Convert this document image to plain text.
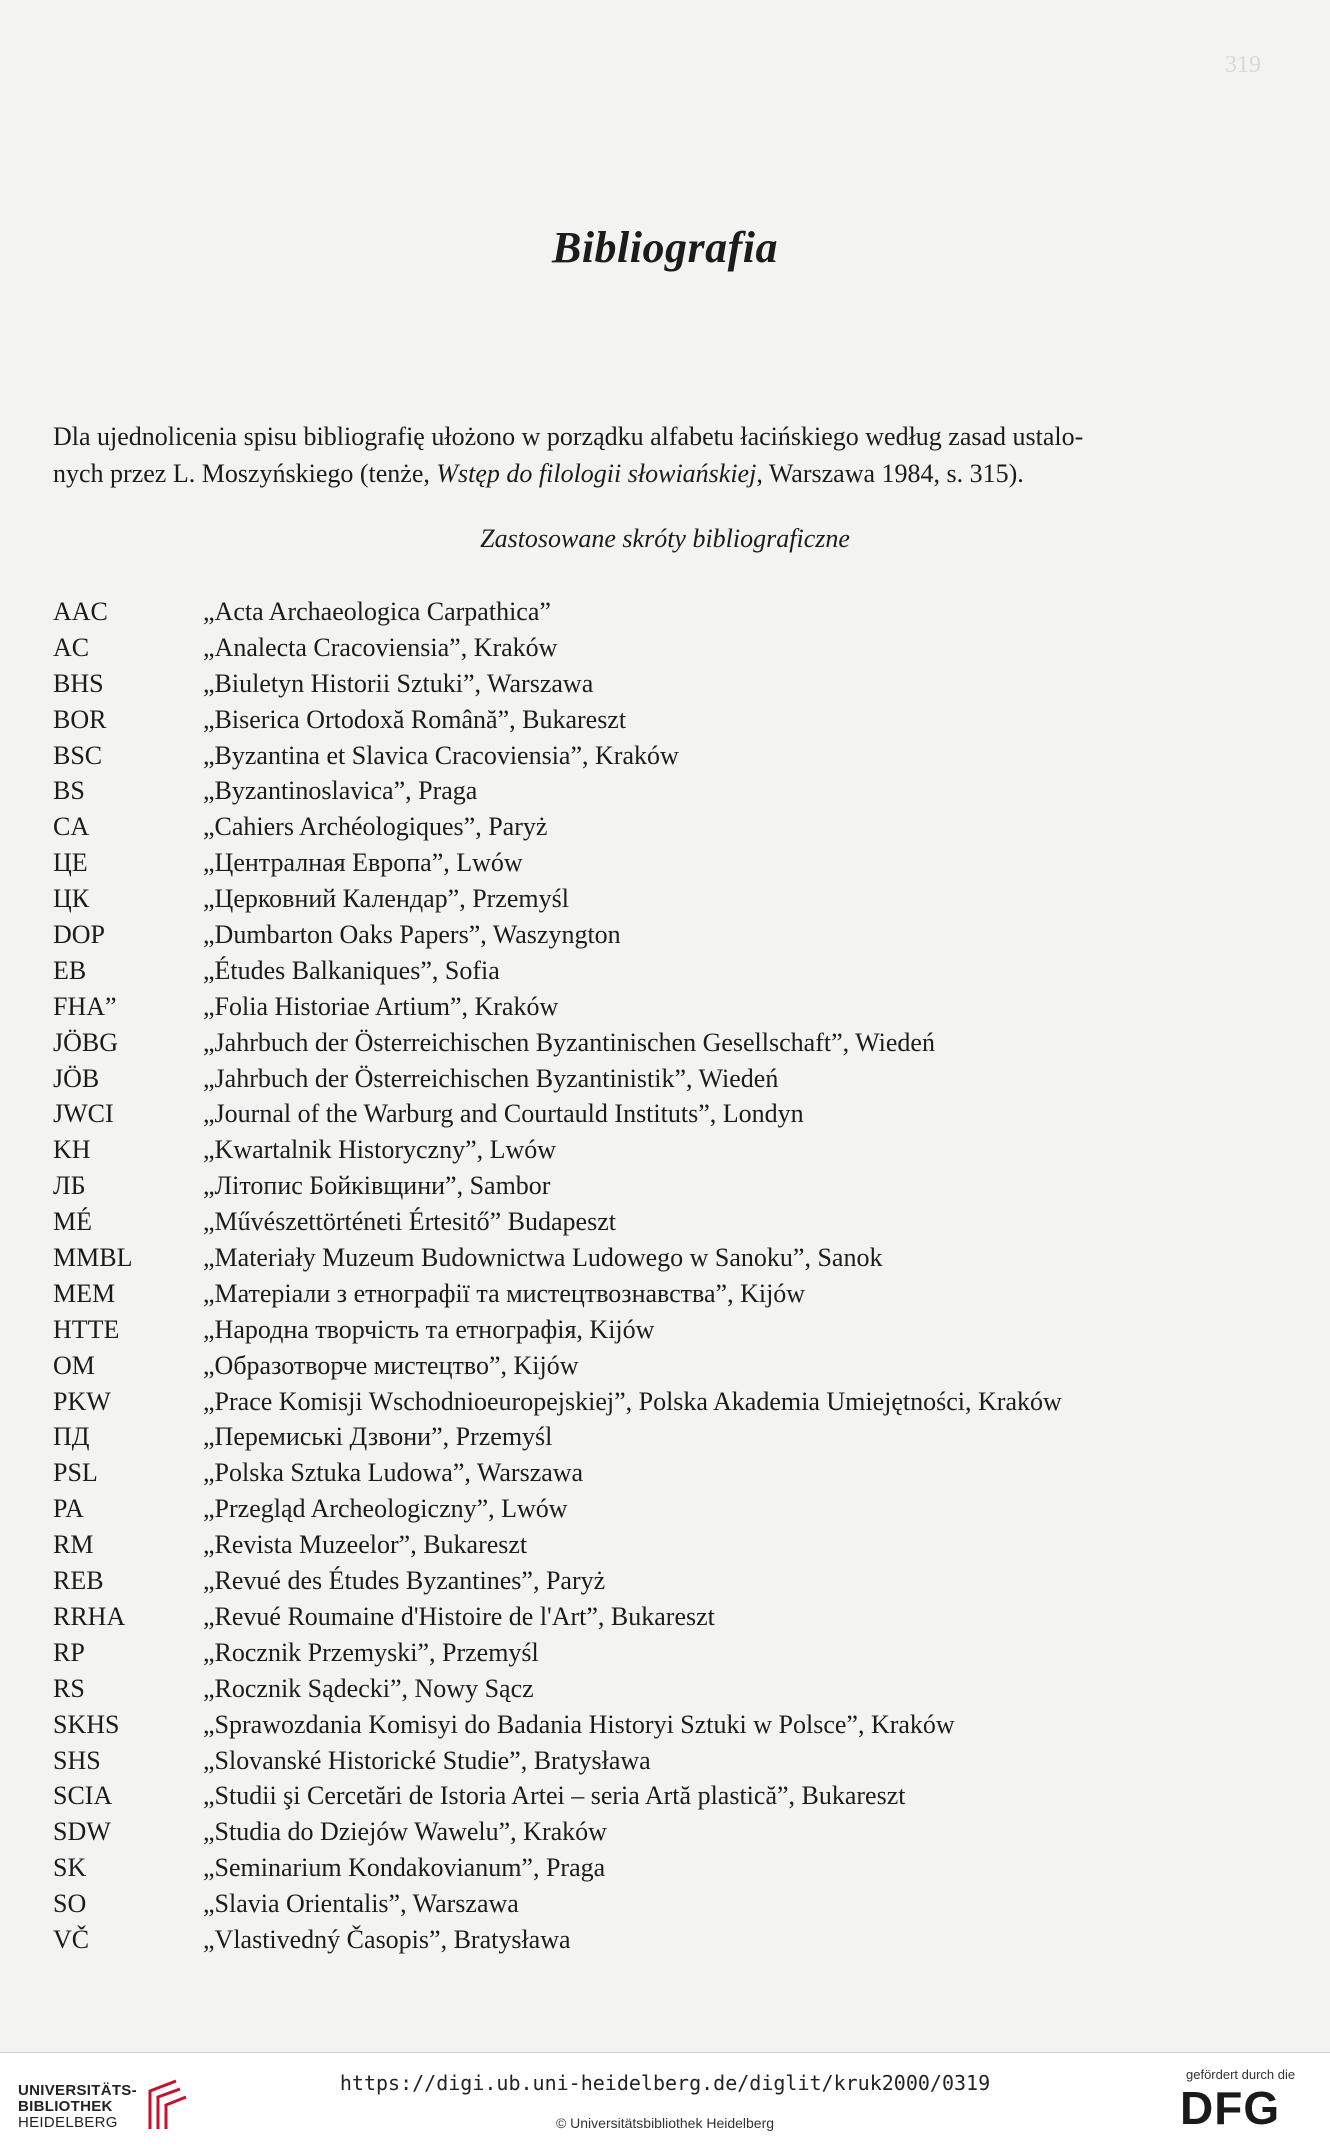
319
Bibliografia
Dla ujednolicenia spisu bibliografię ułożono w porządku alfabetu łacińskiego według zasad ustalo-
nych przez L. Moszyńskiego (tenże, Wstęp do filologii słowiańskiej, Warszawa 1984, s. 315).
Zastosowane skróty bibliograficzne
AAC	„Acta Archaeologica Carpathica”
AC	„Analecta Cracoviensia”, Kraków
BHS	„Biuletyn Historii Sztuki”, Warszawa
BOR	„Biserica Ortodoxă Română”, Bukareszt
BSC	„Byzantina et Slavica Cracoviensia”, Kraków
BS	„Byzantinoslavica”, Praga
CA	„Cahiers Archéologiques”, Paryż
ЦЕ	„Централная Европа”, Lwów
ЦК	„Церковний Календар”, Przemyśl
DOP	„Dumbarton Oaks Papers”, Waszyngton
EB	„Études Balkaniques”, Sofia
FHA”	„Folia Historiae Artium”, Kraków
JÖBG	„Jahrbuch der Österreichischen Byzantinischen Gesellschaft”, Wiedeń
JÖB	„Jahrbuch der Österreichischen Byzantinistik”, Wiedeń
JWCI	„Journal of the Warburg and Courtauld Instituts”, Londyn
KH	„Kwartalnik Historyczny”, Lwów
ЛБ	„Літопис Бойківщини”, Sambor
MÉ	„Művészettörténeti Értesitő” Budapeszt
MMBL	„Materiały Muzeum Budownictwa Ludowego w Sanoku”, Sanok
MEM	„Матеріали з етнографії та мистецтвознавства”, Kijów
НТТЕ	„Народна творчість та етнографія, Kijów
OM	„Образотворче мистецтво”, Kijów
PKW	„Prace Komisji Wschodnioeuropejskiej”, Polska Akademia Umiejętności, Kraków
ПД	„Перемиськi Дзвони”, Przemyśl
PSL	„Polska Sztuka Ludowa”, Warszawa
PA	„Przegląd Archeologiczny”, Lwów
RM	„Revista Muzeelor”, Bukareszt
REB	„Revué des Études Byzantines”, Paryż
RRHA	„Revué Roumaine d'Histoire de l'Art”, Bukareszt
RP	„Rocznik Przemyski”, Przemyśl
RS	„Rocznik Sądecki”, Nowy Sącz
SKHS	„Sprawozdania Komisyi do Badania Historyi Sztuki w Polsce”, Kraków
SHS	„Slovanské Historické Studie”, Bratysława
SCIA	„Studii şi Cercetări de Istoria Artei – seria Artă plastică”, Bukareszt
SDW	„Studia do Dziejów Wawelu”, Kraków
SK	„Seminarium Kondakovianum”, Praga
SO	„Slavia Orientalis”, Warszawa
VČ	„Vlastivedný Časopis”, Bratysława
UNIVERSITÄTS-
BIBLIOTHEK
HEIDELBERG
https://digi.ub.uni-heidelberg.de/diglit/kruk2000/0319
© Universitätsbibliothek Heidelberg
gefördert durch die
DFG
